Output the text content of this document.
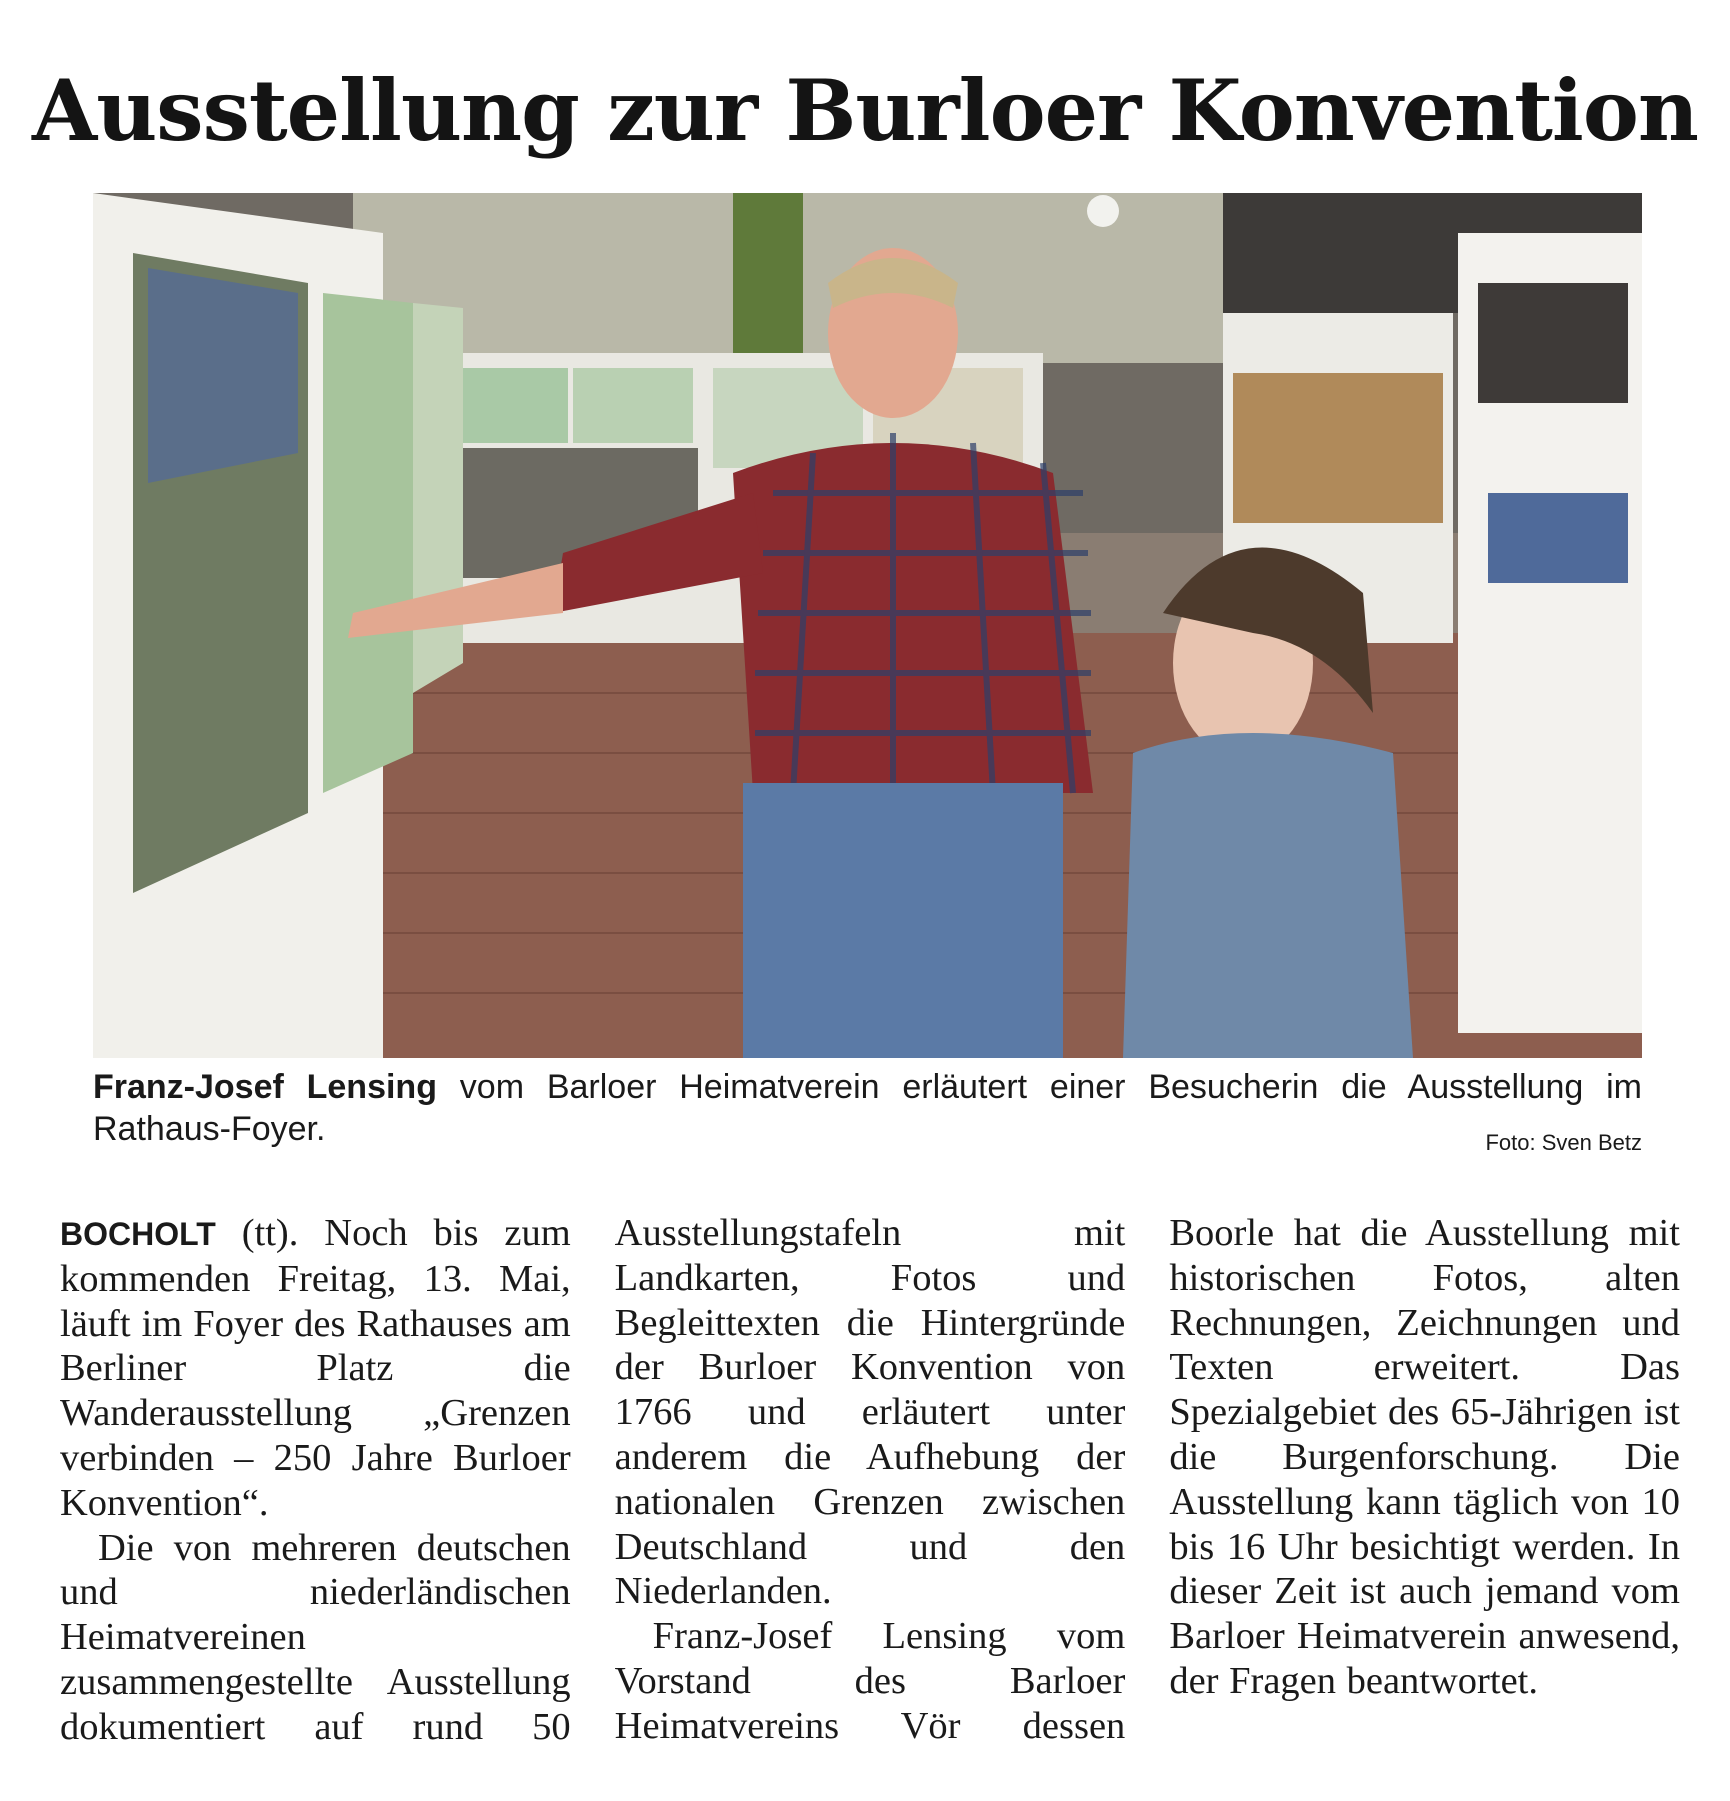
Ausstellung zur Burloer Konvention

Franz-Josef Lensing vom Barloer Heimatverein erläutert einer Besucherin die Ausstellung im Rathaus-Foyer.	Foto: Sven Betz

BOCHOLT (tt). Noch bis zum kommenden Freitag, 13. Mai, läuft im Foyer des Rathauses am Berliner Platz die Wanderausstellung „Grenzen verbinden – 250 Jahre Burloer Konvention“.

Die von mehreren deutschen und niederländischen Heimatvereinen zusammengestellte Ausstellung dokumentiert auf rund 50 Ausstellungstafeln mit Landkarten, Fotos und Begleittexten die Hintergründe der Burloer Konvention von 1766 und erläutert unter anderem die Aufhebung der nationalen Grenzen zwischen Deutschland und den Niederlanden.

Franz-Josef Lensing vom Vorstand des Barloer Heimatvereins Vör dessen Boorle hat die Ausstellung mit historischen Fotos, alten Rechnungen, Zeichnungen und Texten erweitert. Das Spezialgebiet des 65-Jährigen ist die Burgenforschung. Die Ausstellung kann täglich von 10 bis 16 Uhr besichtigt werden. In dieser Zeit ist auch jemand vom Barloer Heimatverein anwesend, der Fragen beantwortet.
